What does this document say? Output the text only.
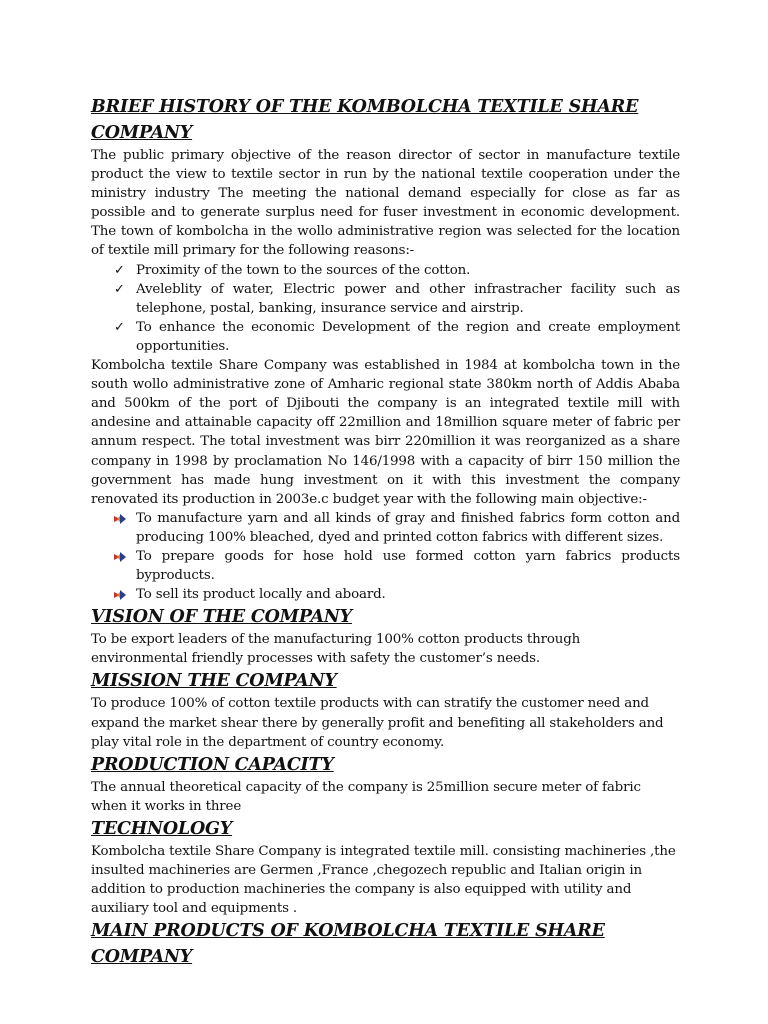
BRIEF HISTORY OF THE KOMBOLCHA TEXTILE SHARE COMPANY

The public primary objective of the reason director of sector in manufacture textile product the view to textile sector in run by the national textile cooperation under the ministry industry The meeting the national demand especially for close as far as possible and to generate surplus need for fuser investment in economic development. The town of kombolcha in the wollo administrative region was selected for the location of textile mill primary for the following reasons:-

✓ Proximity of the town to the sources of the cotton.
✓ Aveleblity of water, Electric power and other infrastracher facility such as telephone, postal, banking, insurance service and airstrip.
✓ To enhance the economic Development of the region and create employment opportunities.

Kombolcha textile Share Company was established in 1984 at kombolcha town in the south wollo administrative zone of Amharic regional state 380km north of Addis Ababa and 500km of the port of Djibouti the company is an integrated textile mill with andesine and attainable capacity off 22million and 18million square meter of fabric per annum respect. The total investment was birr 220million it was reorganized as a share company in 1998 by proclamation No 146/1998 with a capacity of birr 150 million the government has made hung investment on it with this investment the company renovated its production in 2003e.c budget year with the following main objective:-

To manufacture yarn and all kinds of gray and finished fabrics form cotton and producing 100% bleached, dyed and printed cotton fabrics with different sizes.
To prepare goods for hose hold use formed cotton yarn fabrics products byproducts.
To sell its product locally and aboard.
VISION OF THE COMPANY

To be export leaders of the manufacturing 100% cotton products through environmental friendly processes with safety the customer’s needs.

MISSION THE COMPANY

To produce 100% of cotton textile products with can stratify the customer need and expand the market shear there by generally profit and benefiting all stakeholders and play vital role in the department of country economy.

PRODUCTION CAPACITY

The annual theoretical capacity of the company is 25million secure meter of fabric when it works in three

TECHNOLOGY

Kombolcha textile Share Company is integrated textile mill. consisting machineries ,the insulted machineries are Germen ,France ,chegozech republic and Italian origin in addition to production machineries the company is also equipped with utility and auxiliary tool and equipments .

MAIN PRODUCTS OF KOMBOLCHA TEXTILE SHARE COMPANY
